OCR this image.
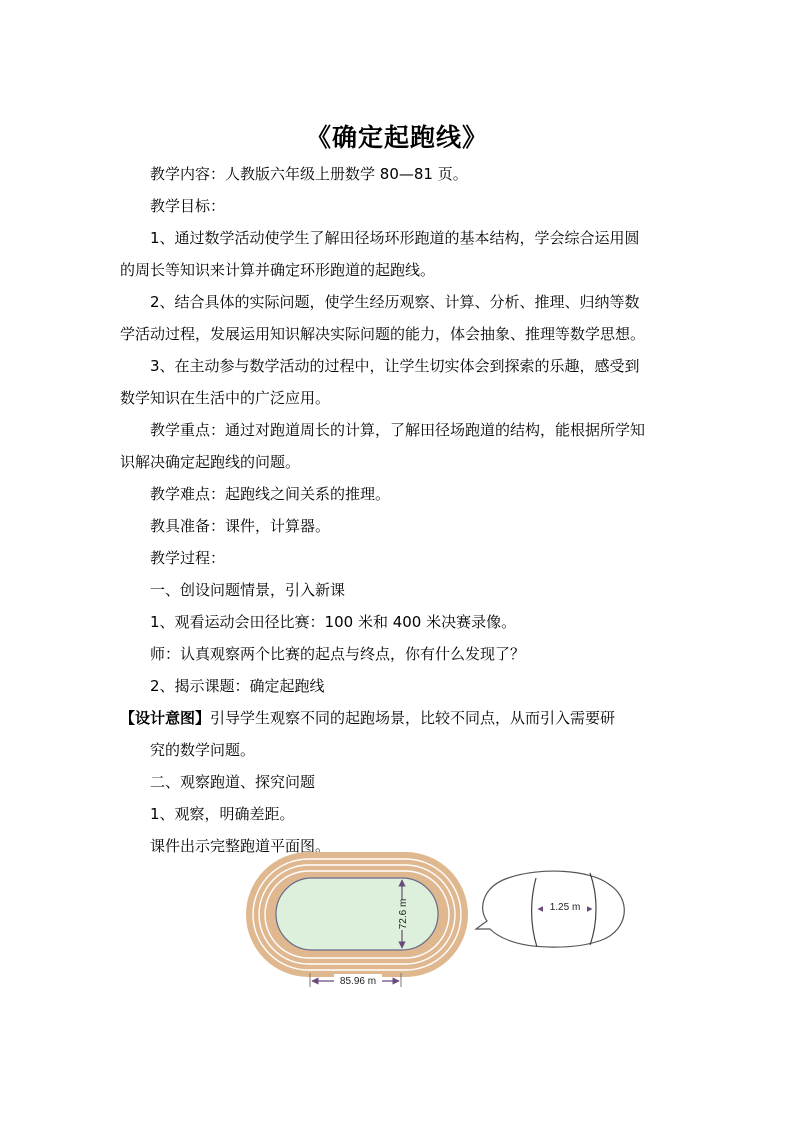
《确定起跑线》
教学内容：人教版六年级上册数学 80—81 页。
教学目标：
1、通过数学活动使学生了解田径场环形跑道的基本结构，学会综合运用圆
的周长等知识来计算并确定环形跑道的起跑线。
2、结合具体的实际问题，使学生经历观察、计算、分析、推理、归纳等数
学活动过程，发展运用知识解决实际问题的能力，体会抽象、推理等数学思想。
3、在主动参与数学活动的过程中，让学生切实体会到探索的乐趣，感受到
数学知识在生活中的广泛应用。
教学重点：通过对跑道周长的计算，了解田径场跑道的结构，能根据所学知
识解决确定起跑线的问题。
教学难点：起跑线之间关系的推理。
教具准备：课件，计算器。
教学过程：
一、创设问题情景，引入新课
1、观看运动会田径比赛：100 米和 400 米决赛录像。
师：认真观察两个比赛的起点与终点，你有什么发现了？
2、揭示课题：确定起跑线
【设计意图】引导学生观察不同的起跑场景，比较不同点，从而引入需要研
究的数学问题。
二、观察跑道、探究问题
1、观察，明确差距。
课件出示完整跑道平面图。
72.6 m
85.96 m
1.25 m
